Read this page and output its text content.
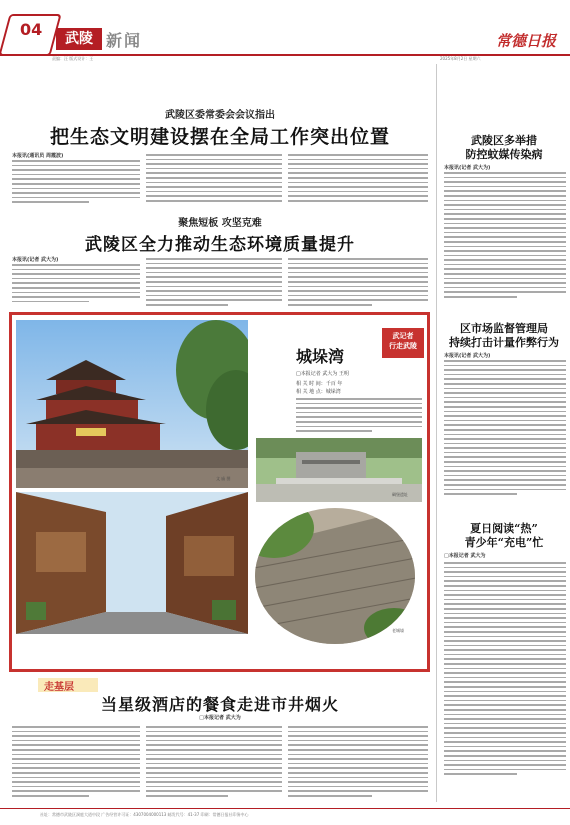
04	武陵 新闻	常德日报
责编：汪 版式设计：王	2025年8月2日 星期六
武陵区委常委会会议指出
把生态文明建设摆在全局工作突出位置
本报讯(通讯员 周霞波)
聚焦短板 攻坚克难
武陵区全力推动生态环境质量提升
本报讯(记者 武大为)
武陵区多举措
防控蚊媒传染病
本报讯(记者 武大为)
区市场监督管理局
持续打击计量作弊行为
本报讯(记者 武大为)
夏日阅读“热”
青少年“充电”忙
□本报记者 武大为
武记者
行走武陵
城垛湾
□本报记者 武大为 王明
相 关 时 间：千百 年
相 关 地 点：城垛湾
文 庙 图
碉堡遗址
老城墙
走基层
当星级酒店的餐食走进市井烟火
□本报记者 武大为
社址：常德市武陵区洞庭大道中段 广告经营许可证：4307004000113 邮发代号：41-37 印刷：常德日报社印务中心
